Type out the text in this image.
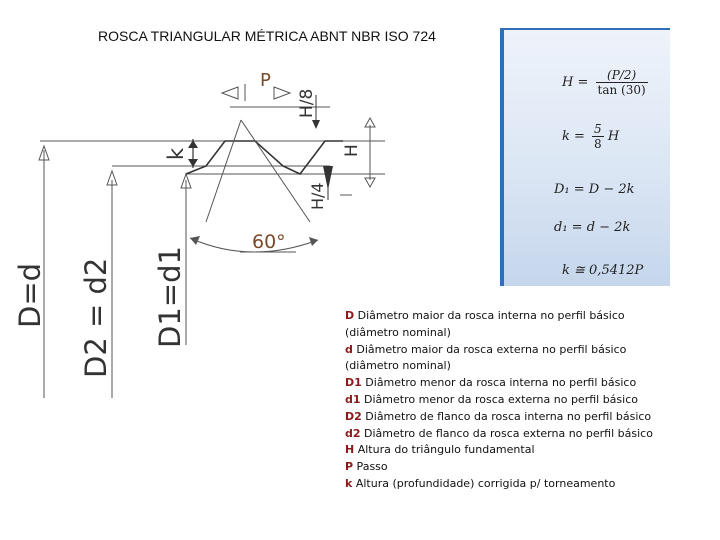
ROSCA TRIANGULAR MÉTRICA ABNT NBR ISO 724
P
H/8
H
k
H/4
60°
D=d D2 = d2 D1=d1
$H = \frac{(P/2)}{\tan (30)}$
$k = \frac{5}{8}$ H
D₁ = D − 2k
d₁ = d − 2k
k ≅ 0,5412P
D Diâmetro maior da rosca interna no perfil básico
(diâmetro nominal)
d Diâmetro maior da rosca externa no perfil básico
(diâmetro nominal)
D1 Diâmetro menor da rosca interna no perfil básico
d1 Diâmetro menor da rosca externa no perfil básico
D2 Diâmetro de flanco da rosca interna no perfil básico
d2 Diâmetro de flanco da rosca externa no perfil básico
H Altura do triângulo fundamental
P Passo
k Altura (profundidade) corrigida p/ torneamento
